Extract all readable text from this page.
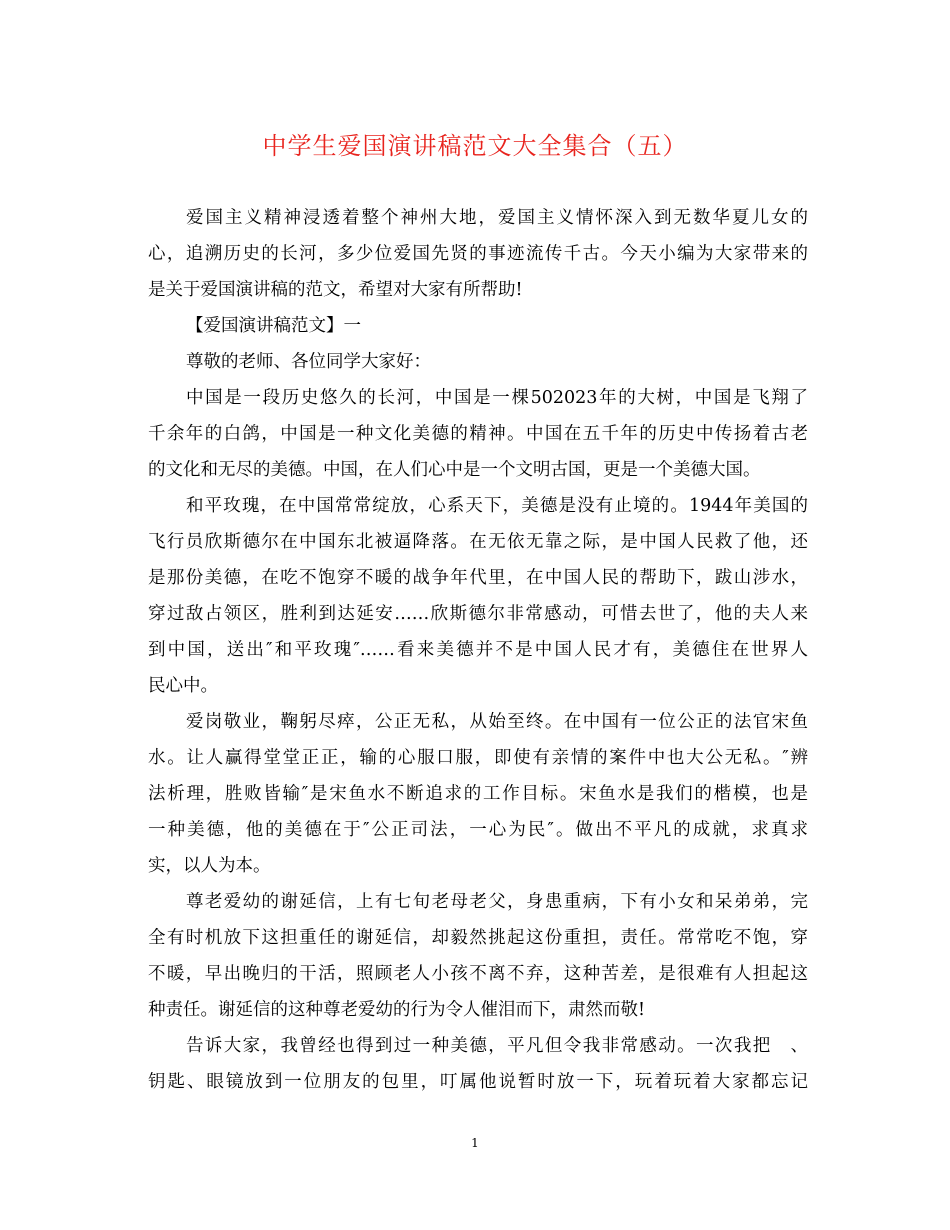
中学生爱国演讲稿范文大全集合（五）
爱国主义精神浸透着整个神州大地，爱国主义情怀深入到无数华夏儿女的
心，追溯历史的长河，多少位爱国先贤的事迹流传千古。今天小编为大家带来的
是关于爱国演讲稿的范文，希望对大家有所帮助!
【爱国演讲稿范文】一
尊敬的老师、各位同学大家好：
中国是一段历史悠久的长河，中国是一棵502023年的大树，中国是飞翔了
千余年的白鸽，中国是一种文化美德的精神。中国在五千年的历史中传扬着古老
的文化和无尽的美德。中国，在人们心中是一个文明古国，更是一个美德大国。
和平玫瑰，在中国常常绽放，心系天下，美德是没有止境的。1944年美国的
飞行员欣斯德尔在中国东北被逼降落。在无依无靠之际，是中国人民救了他，还
是那份美德，在吃不饱穿不暖的战争年代里，在中国人民的帮助下，跋山涉水，
穿过敌占领区，胜利到达延安……欣斯德尔非常感动，可惜去世了，他的夫人来
到中国，送出″和平玫瑰″……看来美德并不是中国人民才有，美德住在世界人
民心中。
爱岗敬业，鞠躬尽瘁，公正无私，从始至终。在中国有一位公正的法官宋鱼
水。让人赢得堂堂正正，输的心服口服，即使有亲情的案件中也大公无私。″辨
法析理，胜败皆输″是宋鱼水不断追求的工作目标。宋鱼水是我们的楷模，也是
一种美德，他的美德在于″公正司法，一心为民″。做出不平凡的成就，求真求
实，以人为本。
尊老爱幼的谢延信，上有七旬老母老父，身患重病，下有小女和呆弟弟，完
全有时机放下这担重任的谢延信，却毅然挑起这份重担，责任。常常吃不饱，穿
不暖，早出晚归的干活，照顾老人小孩不离不弃，这种苦差，是很难有人担起这
种责任。谢延信的这种尊老爱幼的行为令人催泪而下，肃然而敬!
告诉大家，我曾经也得到过一种美德，平凡但令我非常感动。一次我把　、
钥匙、眼镜放到一位朋友的包里，叮属他说暂时放一下，玩着玩着大家都忘记
1
